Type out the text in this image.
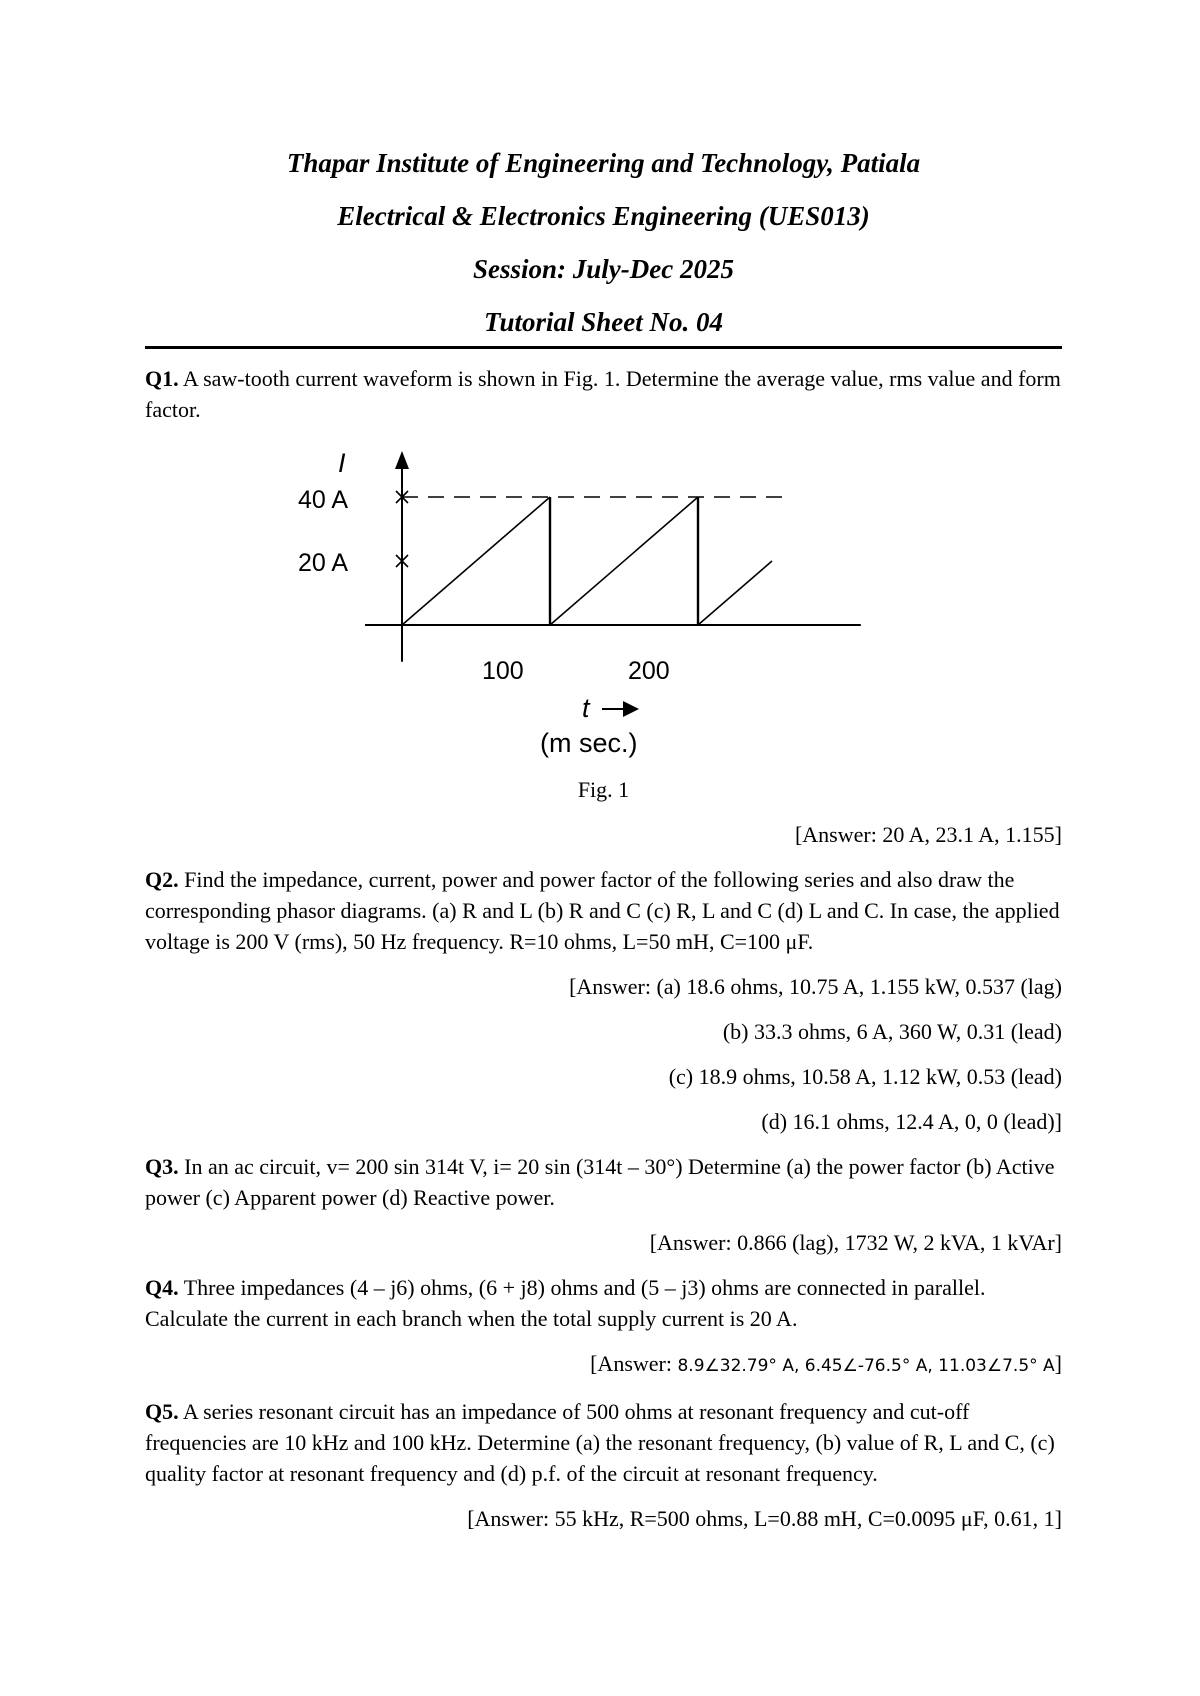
Thapar Institute of Engineering and Technology, Patiala
Electrical & Electronics Engineering (UES013)
Session: July-Dec 2025
Tutorial Sheet No. 04
Q1. A saw-tooth current waveform is shown in Fig. 1. Determine the average value, rms value and form factor.
I
40 A
20 A
100	200
t
(m sec.)
Fig. 1
[Answer: 20 A, 23.1 A, 1.155]
Q2. Find the impedance, current, power and power factor of the following series and also draw the corresponding phasor diagrams. (a) R and L (b) R and C (c) R, L and C (d) L and C. In case, the applied voltage is 200 V (rms), 50 Hz frequency. R=10 ohms, L=50 mH, C=100 μF.
[Answer: (a) 18.6 ohms, 10.75 A, 1.155 kW, 0.537 (lag)
(b) 33.3 ohms, 6 A, 360 W, 0.31 (lead)
(c) 18.9 ohms, 10.58 A, 1.12 kW, 0.53 (lead)
(d) 16.1 ohms, 12.4 A, 0, 0 (lead)]
Q3. In an ac circuit, v= 200 sin 314t V, i= 20 sin (314t – 30°) Determine (a) the power factor (b) Active power (c) Apparent power (d) Reactive power.
[Answer: 0.866 (lag), 1732 W, 2 kVA, 1 kVAr]
Q4. Three impedances (4 – j6) ohms, (6 + j8) ohms and (5 – j3) ohms are connected in parallel. Calculate the current in each branch when the total supply current is 20 A.
[Answer: 8.9∠32.79° A, 6.45∠-76.5° A, 11.03∠7.5° A]
Q5. A series resonant circuit has an impedance of 500 ohms at resonant frequency and cut-off frequencies are 10 kHz and 100 kHz. Determine (a) the resonant frequency, (b) value of R, L and C, (c) quality factor at resonant frequency and (d) p.f. of the circuit at resonant frequency.
[Answer: 55 kHz, R=500 ohms, L=0.88 mH, C=0.0095 μF, 0.61, 1]
